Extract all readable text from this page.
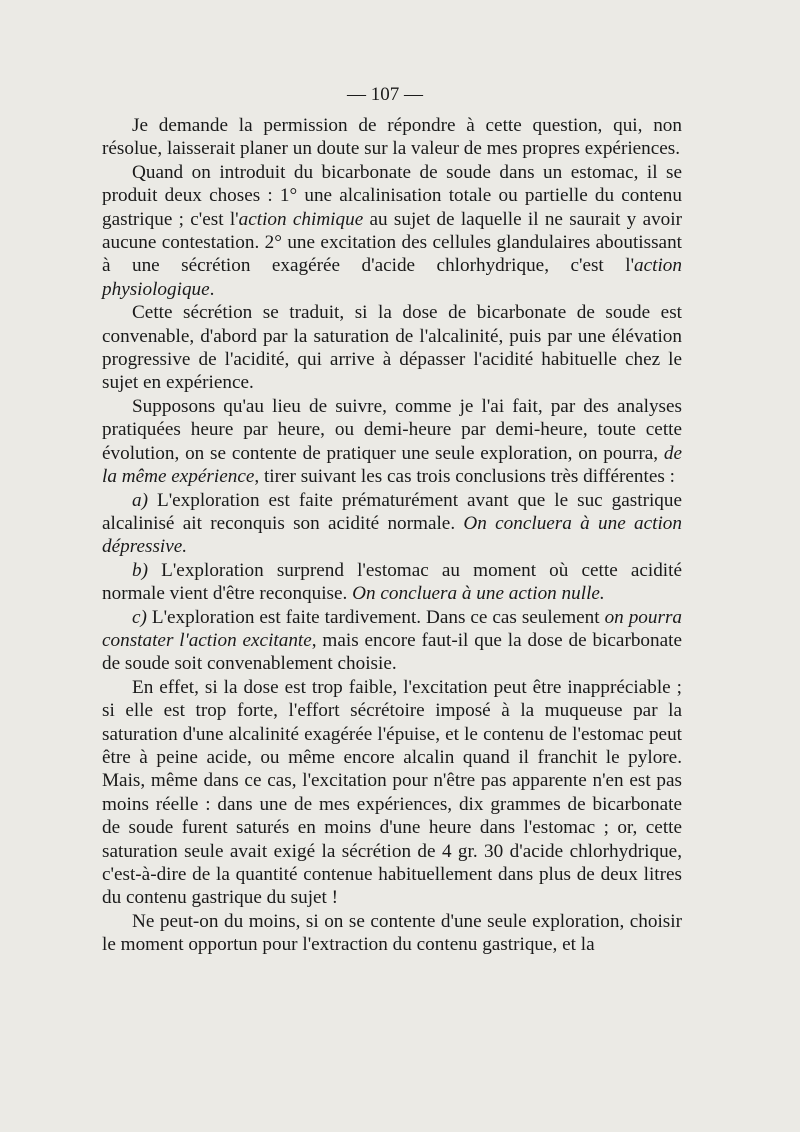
— 107 —

Je demande la permission de répondre à cette question, qui, non résolue, laisserait planer un doute sur la valeur de mes propres expériences.

Quand on introduit du bicarbonate de soude dans un estomac, il se produit deux choses : 1° une alcalinisation totale ou partielle du contenu gastrique ; c'est l'action chimique au sujet de laquelle il ne saurait y avoir aucune contestation. 2° une excitation des cellules glandulaires aboutissant à une sécrétion exagérée d'acide chlorhydrique, c'est l'action physiologique.

Cette sécrétion se traduit, si la dose de bicarbonate de soude est convenable, d'abord par la saturation de l'alcalinité, puis par une élévation progressive de l'acidité, qui arrive à dépasser l'acidité habituelle chez le sujet en expérience.

Supposons qu'au lieu de suivre, comme je l'ai fait, par des analyses pratiquées heure par heure, ou demi-heure par demi-heure, toute cette évolution, on se contente de pratiquer une seule exploration, on pourra, de la même expérience, tirer suivant les cas trois conclusions très différentes :

a) L'exploration est faite prématurément avant que le suc gastrique alcalinisé ait reconquis son acidité normale. On concluera à une action dépressive.

b) L'exploration surprend l'estomac au moment où cette acidité normale vient d'être reconquise. On concluera à une action nulle.

c) L'exploration est faite tardivement. Dans ce cas seulement on pourra constater l'action excitante, mais encore faut-il que la dose de bicarbonate de soude soit convenablement choisie.

En effet, si la dose est trop faible, l'excitation peut être inappréciable ; si elle est trop forte, l'effort sécrétoire imposé à la muqueuse par la saturation d'une alcalinité exagérée l'épuise, et le contenu de l'estomac peut être à peine acide, ou même encore alcalin quand il franchit le pylore. Mais, même dans ce cas, l'excitation pour n'être pas apparente n'en est pas moins réelle : dans une de mes expériences, dix grammes de bicarbonate de soude furent saturés en moins d'une heure dans l'estomac ; or, cette saturation seule avait exigé la sécrétion de 4 gr. 30 d'acide chlorhydrique, c'est-à-dire de la quantité contenue habituellement dans plus de deux litres du contenu gastrique du sujet !

Ne peut-on du moins, si on se contente d'une seule exploration, choisir le moment opportun pour l'extraction du contenu gastrique, et la
